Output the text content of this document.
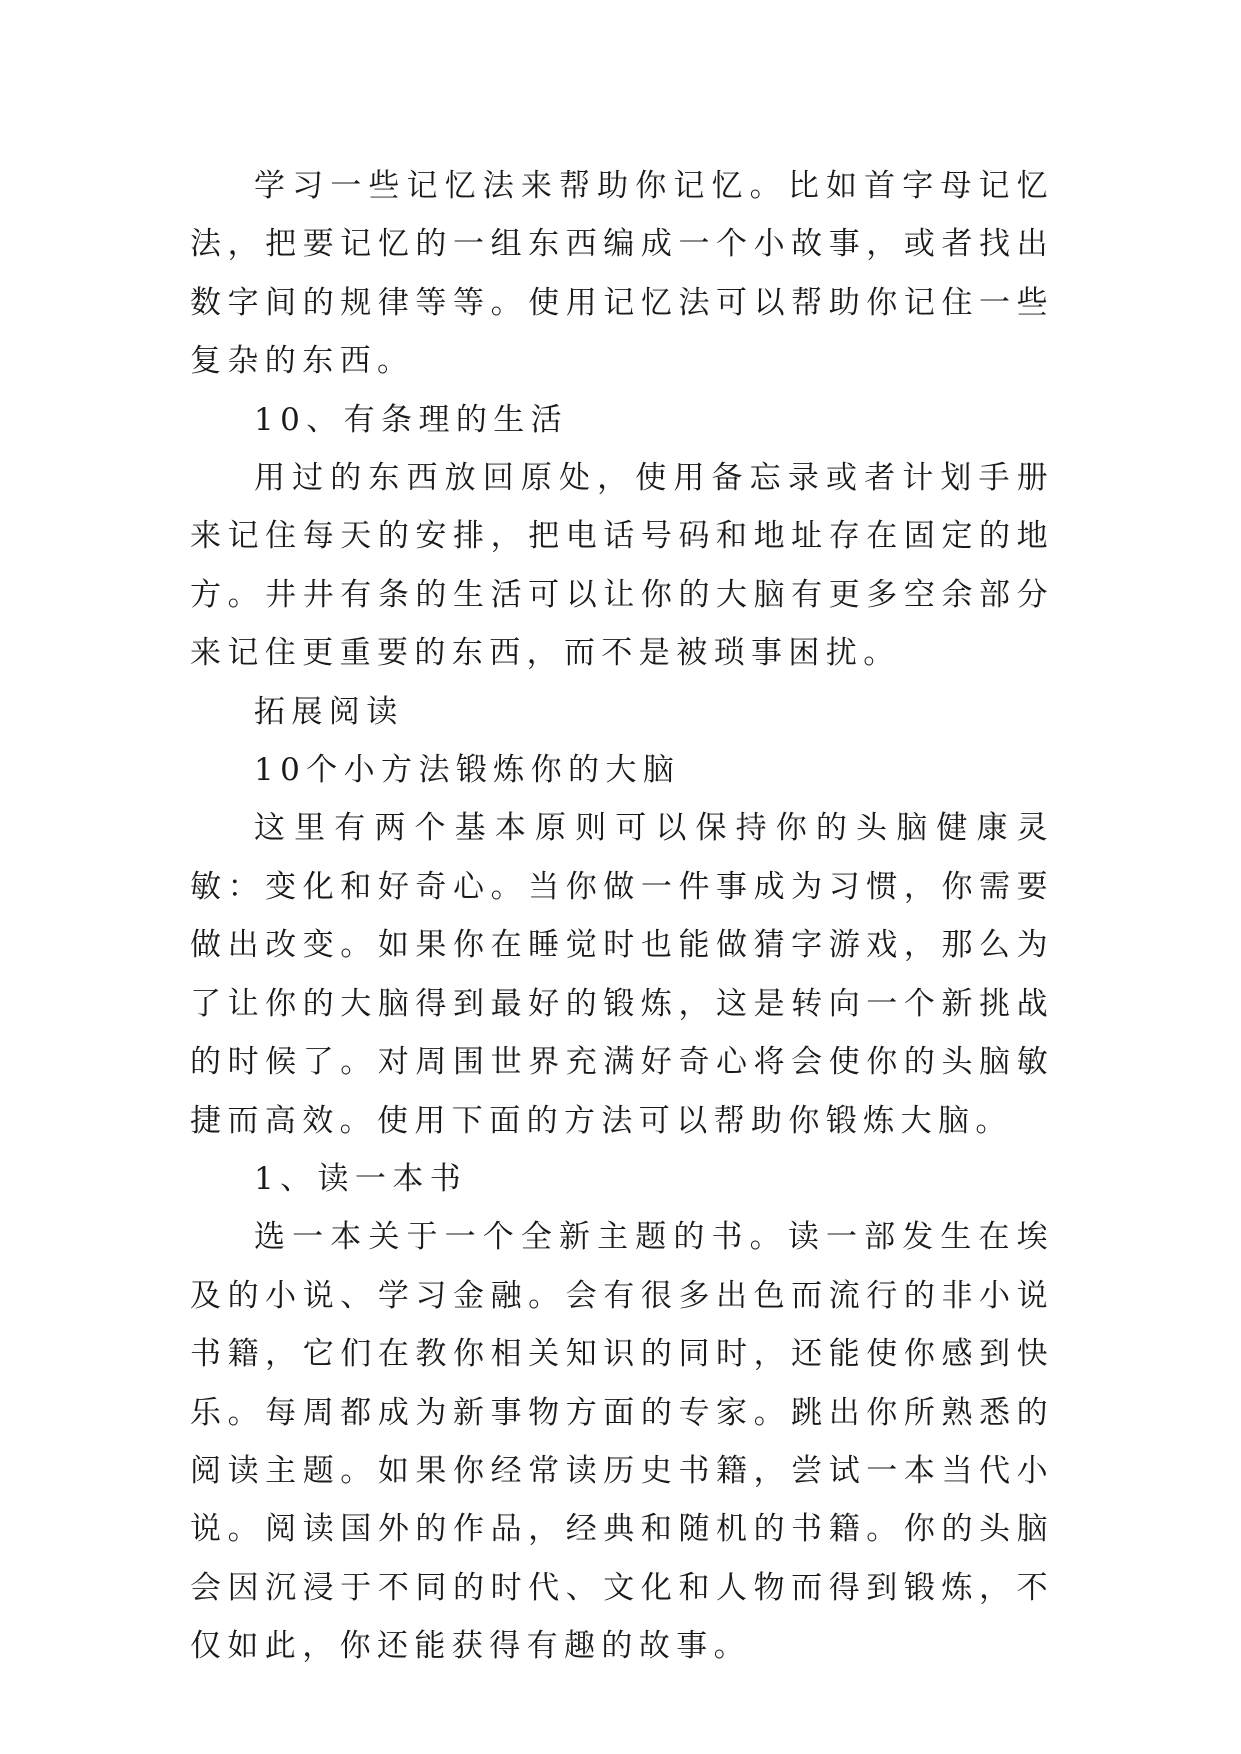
学习一些记忆法来帮助你记忆。比如首字母记忆法，把要记忆的一组东西编成一个小故事，或者找出数字间的规律等等。使用记忆法可以帮助你记住一些复杂的东西。

10、有条理的生活

用过的东西放回原处，使用备忘录或者计划手册来记住每天的安排，把电话号码和地址存在固定的地方。井井有条的生活可以让你的大脑有更多空余部分来记住更重要的东西，而不是被琐事困扰。

拓展阅读

10个小方法锻炼你的大脑

这里有两个基本原则可以保持你的头脑健康灵敏：变化和好奇心。当你做一件事成为习惯，你需要做出改变。如果你在睡觉时也能做猜字游戏，那么为了让你的大脑得到最好的锻炼，这是转向一个新挑战的时候了。对周围世界充满好奇心将会使你的头脑敏捷而高效。使用下面的方法可以帮助你锻炼大脑。

1、读一本书

选一本关于一个全新主题的书。读一部发生在埃及的小说、学习金融。会有很多出色而流行的非小说书籍，它们在教你相关知识的同时，还能使你感到快乐。每周都成为新事物方面的专家。跳出你所熟悉的阅读主题。如果你经常读历史书籍，尝试一本当代小说。阅读国外的作品，经典和随机的书籍。你的头脑会因沉浸于不同的时代、文化和人物而得到锻炼，不仅如此，你还能获得有趣的故事。
